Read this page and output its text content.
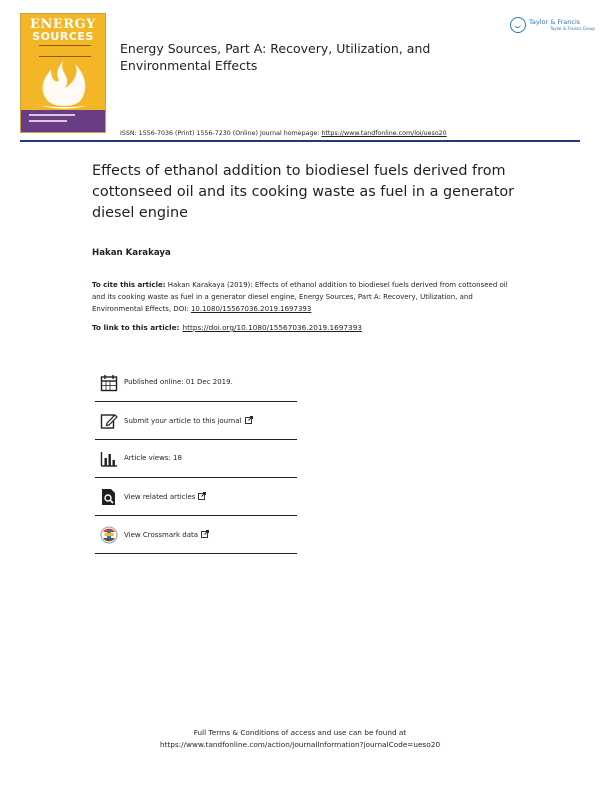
ENERGY
SOURCES
Energy Sources, Part A: Recovery, Utilization, and Environmental Effects
Taylor & Francis
Taylor & Francis Group
ISSN: 1556-7036 (Print) 1556-7230 (Online) Journal homepage: https://www.tandfonline.com/loi/ueso20
Effects of ethanol addition to biodiesel fuels derived from cottonseed oil and its cooking waste as fuel in a generator diesel engine
Hakan Karakaya
To cite this article: Hakan Karakaya (2019): Effects of ethanol addition to biodiesel fuels derived from cottonseed oil and its cooking waste as fuel in a generator diesel engine, Energy Sources, Part A: Recovery, Utilization, and Environmental Effects, DOI: 10.1080/15567036.2019.1697393
To link to this article: https://doi.org/10.1080/15567036.2019.1697393
Published online: 01 Dec 2019.
Submit your article to this journal
Article views: 18
View related articles
View Crossmark data
Full Terms & Conditions of access and use can be found at
https://www.tandfonline.com/action/journalInformation?journalCode=ueso20
